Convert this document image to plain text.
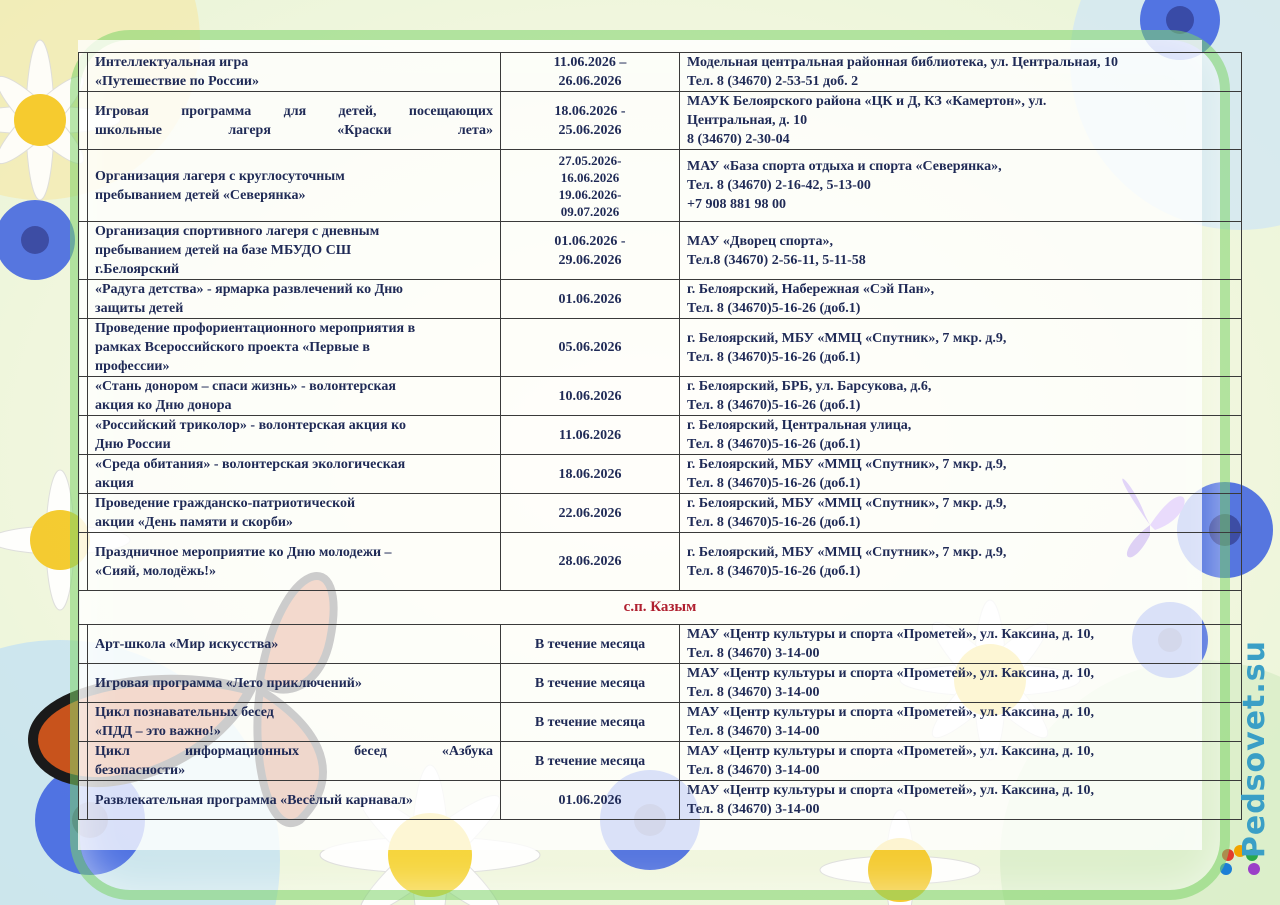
	Интеллектуальная игра
«Путешествие по России»	11.06.2026 –
26.06.2026	Модельная центральная районная библиотека, ул. Центральная, 10
Тел. 8 (34670) 2-53-51 доб. 2

	Игровая программа для детей, посещающих
школьные лагеря «Краски лета»	18.06.2026 -
25.06.2026	МАУК Белоярского района «ЦК и Д, КЗ «Камертон», ул.
Центральная, д. 10
8 (34670) 2-30-04

	Организация лагеря с круглосуточным
пребыванием детей «Северянка»	27.05.2026-
16.06.2026
19.06.2026-
09.07.2026	МАУ «База спорта отдыха и спорта «Северянка»,
Тел. 8 (34670) 2-16-42, 5-13-00
+7 908 881 98 00

	Организация спортивного лагеря с дневным
пребыванием детей на базе МБУДО СШ
г.Белоярский	01.06.2026 -
29.06.2026	МАУ «Дворец спорта»,
Тел.8 (34670) 2-56-11, 5-11-58

	«Радуга детства» - ярмарка развлечений ко Дню
защиты детей	01.06.2026	г. Белоярский, Набережная «Сэй Пан»,
Тел. 8 (34670)5-16-26 (доб.1)

	Проведение профориентационного мероприятия в
рамках Всероссийского проекта «Первые в
профессии»	05.06.2026	г. Белоярский, МБУ «ММЦ «Спутник», 7 мкр. д.9,
Тел. 8 (34670)5-16-26 (доб.1)

	«Стань донором – спаси жизнь» - волонтерская
акция ко Дню донора	10.06.2026	г. Белоярский, БРБ, ул. Барсукова, д.6,
Тел. 8 (34670)5-16-26 (доб.1)

	«Российский триколор» - волонтерская акция ко
Дню России	11.06.2026	г. Белоярский, Центральная улица,
Тел. 8 (34670)5-16-26 (доб.1)

	«Среда обитания» - волонтерская экологическая
акция	18.06.2026	г. Белоярский, МБУ «ММЦ «Спутник», 7 мкр. д.9,
Тел. 8 (34670)5-16-26 (доб.1)

	Проведение гражданско-патриотической
акции «День памяти и скорби»	22.06.2026	г. Белоярский, МБУ «ММЦ «Спутник», 7 мкр. д.9,
Тел. 8 (34670)5-16-26 (доб.1)

	Праздничное мероприятие ко Дню молодежи –
«Сияй, молодёжь!»	28.06.2026	г. Белоярский, МБУ «ММЦ «Спутник», 7 мкр. д.9,
Тел. 8 (34670)5-16-26 (доб.1)

с.п. Казым			

	Арт-школа «Мир искусства»	В течение месяца	МАУ «Центр культуры и спорта «Прометей», ул. Каксина, д. 10,
Тел. 8 (34670) 3-14-00

	Игровая программа «Лето приключений»	В течение месяца	МАУ «Центр культуры и спорта «Прометей», ул. Каксина, д. 10,
Тел. 8 (34670) 3-14-00

	Цикл познавательных бесед
«ПДД – это важно!»	В течение месяца	МАУ «Центр культуры и спорта «Прометей», ул. Каксина, д. 10,
Тел. 8 (34670) 3-14-00

	Цикл информационных бесед «Азбука
безопасности»	В течение месяца	МАУ «Центр культуры и спорта «Прометей», ул. Каксина, д. 10,
Тел. 8 (34670) 3-14-00

	Развлекательная программа «Весёлый карнавал»	01.06.2026	МАУ «Центр культуры и спорта «Прометей», ул. Каксина, д. 10,
Тел. 8 (34670) 3-14-00	Pedsovet.su
